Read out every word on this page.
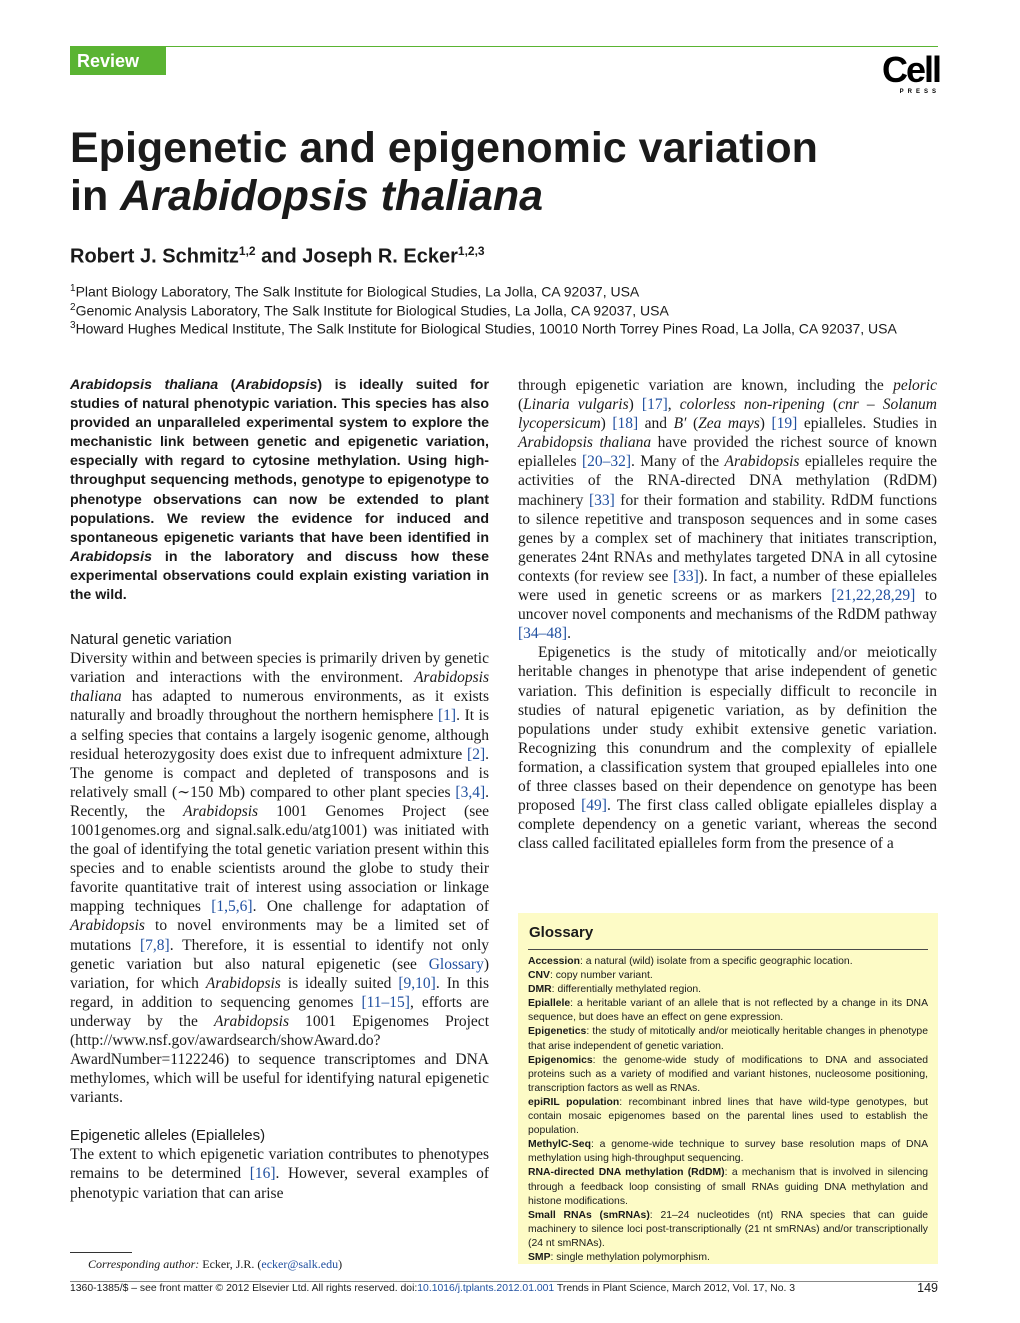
Review	Cell
PRESS
Epigenetic and epigenomic variation
in Arabidopsis thaliana
Robert J. Schmitz$^{1,2}$ and Joseph R. Ecker$^{1,2,3}$
$^1$Plant Biology Laboratory, The Salk Institute for Biological Studies, La Jolla, CA 92037, USA
$^2$Genomic Analysis Laboratory, The Salk Institute for Biological Studies, La Jolla, CA 92037, USA
$^3$Howard Hughes Medical Institute, The Salk Institute for Biological Studies, 10010 North Torrey Pines Road, La Jolla, CA 92037, USA

Arabidopsis thaliana (Arabidopsis) is ideally suited for studies of natural phenotypic variation. This species has also provided an unparalleled experimental system to explore the mechanistic link between genetic and epigenetic variation, especially with regard to cytosine methylation. Using high-throughput sequencing methods, genotype to epigenotype to phenotype observations can now be extended to plant populations. We review the evidence for induced and spontaneous epigenetic variants that have been identified in Arabidopsis in the laboratory and discuss how these experimental observations could explain existing variation in the wild.

Natural genetic variation

Diversity within and between species is primarily driven by genetic variation and interactions with the environment. Arabidopsis thaliana has adapted to numerous environments, as it exists naturally and broadly throughout the northern hemisphere [1]. It is a selfing species that contains a largely isogenic genome, although residual heterozygosity does exist due to infrequent admixture [2]. The genome is compact and depleted of transposons and is relatively small (∼150 Mb) compared to other plant species [3,4]. Recently, the Arabidopsis 1001 Genomes Project (see 1001genomes.org and signal.salk.edu/atg1001) was initiated with the goal of identifying the total genetic variation present within this species and to enable scientists around the globe to study their favorite quantitative trait of interest using association or linkage mapping techniques [1,5,6]. One challenge for adaptation of Arabidopsis to novel environments may be a limited set of mutations [7,8]. Therefore, it is essential to identify not only genetic variation but also natural epigenetic (see Glossary) variation, for which Arabidopsis is ideally suited [9,10]. In this regard, in addition to sequencing genomes [11–15], efforts are underway by the Arabidopsis 1001 Epigenomes Project (http://www.nsf.gov/awardsearch/showAward.do?AwardNumber=1122246) to sequence transcriptomes and DNA methylomes, which will be useful for identifying natural epigenetic variants.

Epigenetic alleles (Epialleles)

The extent to which epigenetic variation contributes to phenotypes remains to be determined [16]. However, several examples of phenotypic variation that can arise

through epigenetic variation are known, including the peloric (Linaria vulgaris) [17], colorless non-ripening (cnr – Solanum lycopersicum) [18] and B′ (Zea mays) [19] epialleles. Studies in Arabidopsis thaliana have provided the richest source of known epialleles [20–32]. Many of the Arabidopsis epialleles require the activities of the RNA-directed DNA methylation (RdDM) machinery [33] for their formation and stability. RdDM functions to silence repetitive and transposon sequences and in some cases genes by a complex set of machinery that initiates transcription, generates 24nt RNAs and methylates targeted DNA in all cytosine contexts (for review see [33]). In fact, a number of these epialleles were used in genetic screens or as markers [21,22,28,29] to uncover novel components and mechanisms of the RdDM pathway [34–48].

Epigenetics is the study of mitotically and/or meiotically heritable changes in phenotype that arise independent of genetic variation. This definition is especially difficult to reconcile in studies of natural epigenetic variation, as by definition the populations under study exhibit extensive genetic variation. Recognizing this conundrum and the complexity of epiallele formation, a classification system that grouped epialleles into one of three classes based on their dependence on genotype has been proposed [49]. The first class called obligate epialleles display a complete dependency on a genetic variant, whereas the second class called facilitated epialleles form from the presence of a

Glossary

Accession: a natural (wild) isolate from a specific geographic location.

CNV: copy number variant.

DMR: differentially methylated region.

Epiallele: a heritable variant of an allele that is not reflected by a change in its DNA sequence, but does have an effect on gene expression.

Epigenetics: the study of mitotically and/or meiotically heritable changes in phenotype that arise independent of genetic variation.

Epigenomics: the genome-wide study of modifications to DNA and associated proteins such as a variety of modified and variant histones, nucleosome positioning, transcription factors as well as RNAs.

epiRIL population: recombinant inbred lines that have wild-type genotypes, but contain mosaic epigenomes based on the parental lines used to establish the population.

MethylC-Seq: a genome-wide technique to survey base resolution maps of DNA methylation using high-throughput sequencing.

RNA-directed DNA methylation (RdDM): a mechanism that is involved in silencing through a feedback loop consisting of small RNAs guiding DNA methylation and histone modifications.

Small RNAs (smRNAs): 21–24 nucleotides (nt) RNA species that can guide machinery to silence loci post-transcriptionally (21 nt smRNAs) and/or transcriptionally (24 nt smRNAs).

SMP: single methylation polymorphism.

Corresponding author: Ecker, J.R. (ecker@salk.edu)
1360-1385/$ – see front matter © 2012 Elsevier Ltd. All rights reserved. doi:10.1016/j.tplants.2012.01.001 Trends in Plant Science, March 2012, Vol. 17, No. 3	149
